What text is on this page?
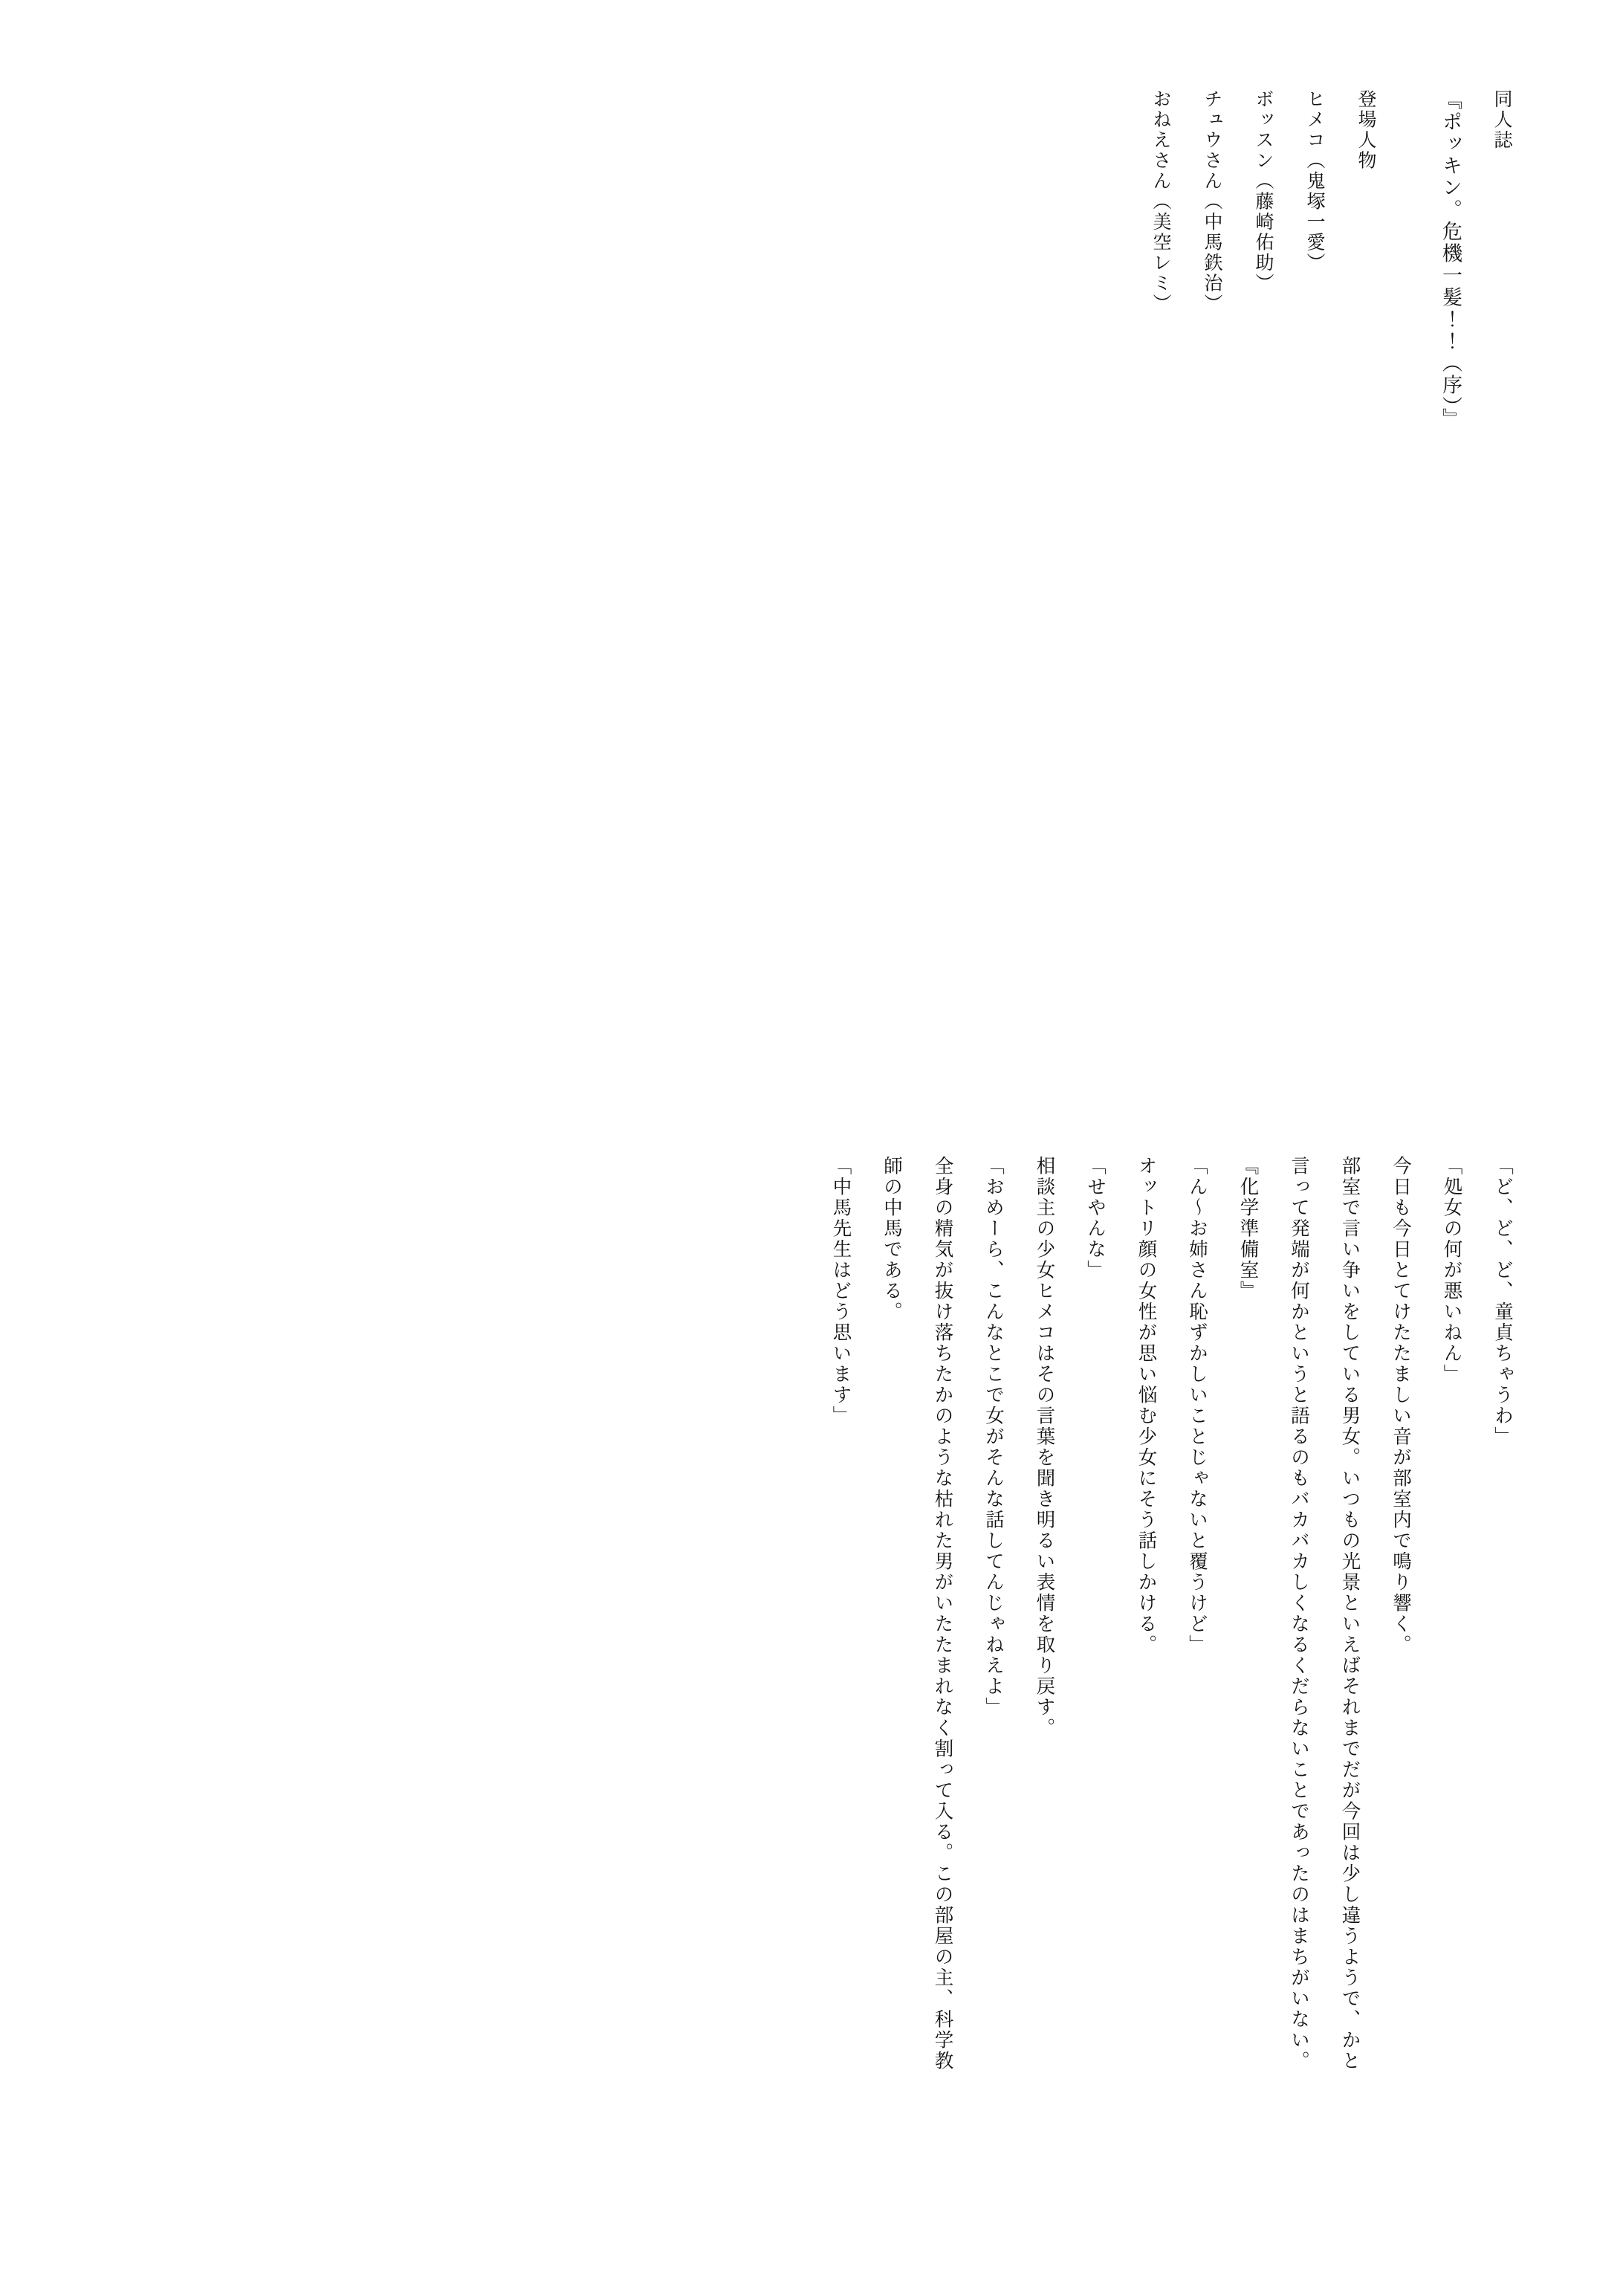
同人誌
『ポッキン。危機一髪！！（序）』
登場人物
ヒメコ（鬼塚一愛）
ボッスン（藤崎佑助）
チュウさん（中馬鉄治）
おねえさん（美空レミ）
「ど、ど、ど、童貞ちゃうわ」
「処女の何が悪いねん」
今日も今日とてけたたましい音が部室内で鳴り響く。
部室で言い争いをしている男女。いつもの光景といえばそれまでだが今回は少し違うようで、かと
言って発端が何かというと語るのもバカバカしくなるくだらないことであったのはまちがいない。
『化学準備室』
「ん～お姉さん恥ずかしいことじゃないと覆うけど」
オットリ顔の女性が思い悩む少女にそう話しかける。
「せやんな」
相談主の少女ヒメコはその言葉を聞き明るい表情を取り戻す。
「おめーら、こんなとこで女がそんな話してんじゃねえよ」
全身の精気が抜け落ちたかのような枯れた男がいたたまれなく割って入る。この部屋の主、科学教
師の中馬である。
「中馬先生はどう思います」
